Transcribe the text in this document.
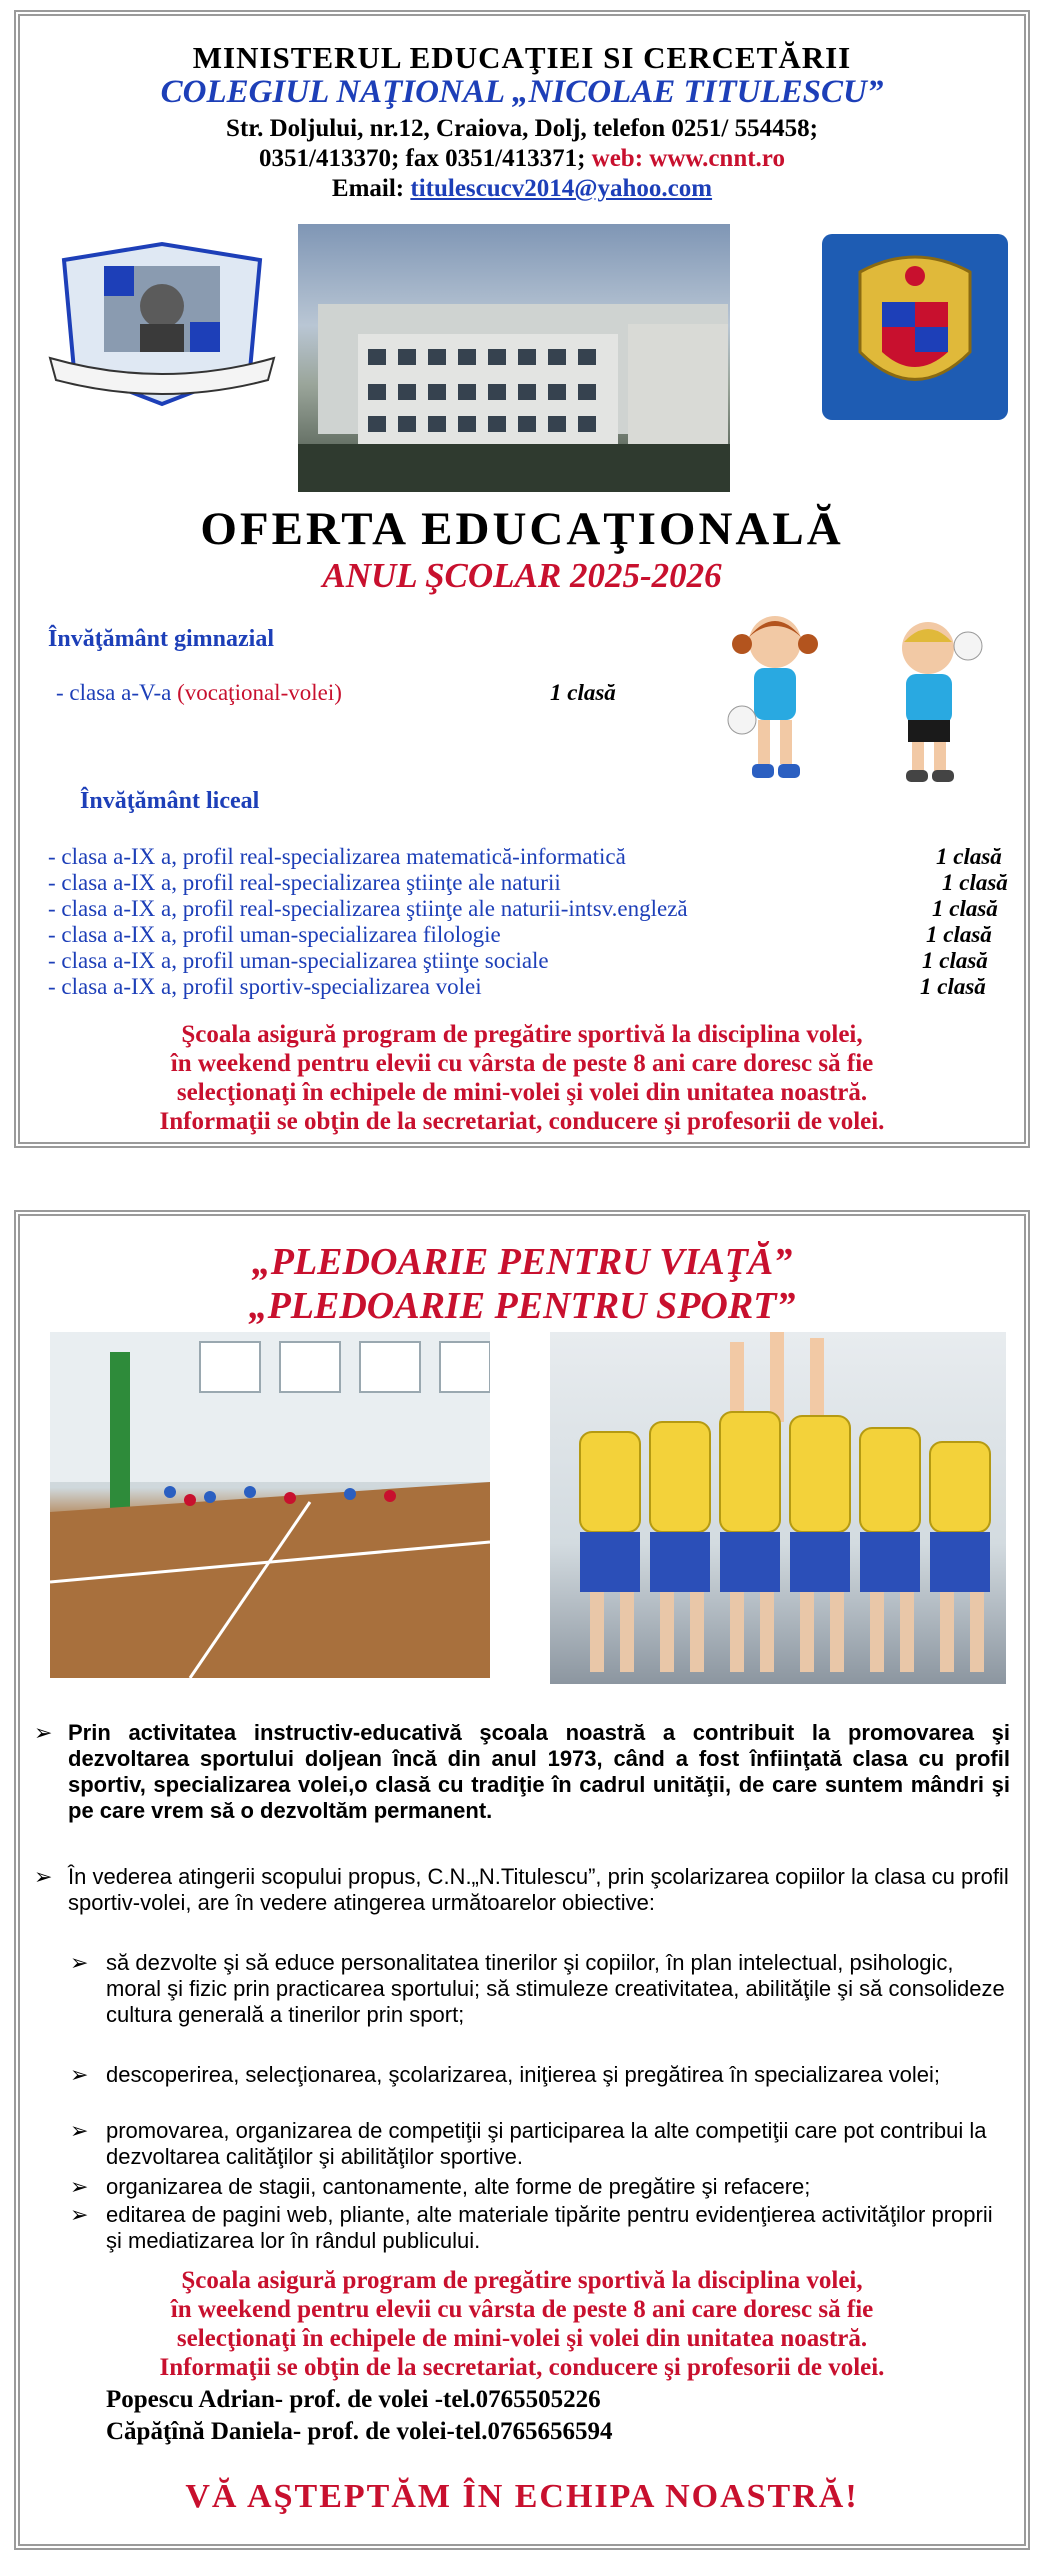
MINISTERUL EDUCAŢIEI SI CERCETĂRII
COLEGIUL NAŢIONAL „NICOLAE TITULESCU”
Str. Doljului, nr.12, Craiova, Dolj, telefon 0251/ 554458;
0351/413370; fax 0351/413371; web: www.cnnt.ro
Email: titulescucv2014@yahoo.com
OFERTA EDUCAŢIONALĂ
ANUL ŞCOLAR 2025-2026
Învăţământ gimnazial
- clasa a-V-a (vocaţional-volei)	1 clasă
Învăţământ liceal
- clasa a-IX a, profil real-specializarea matematică-informatică	1 clasă
- clasa a-IX a, profil real-specializarea ştiinţe ale naturii	1 clasă
- clasa a-IX a, profil real-specializarea ştiinţe ale naturii-intsv.engleză	1 clasă
- clasa a-IX a, profil uman-specializarea filologie	1 clasă
- clasa a-IX a, profil uman-specializarea ştiinţe sociale	1 clasă
- clasa a-IX a, profil sportiv-specializarea volei	1 clasă
Şcoala asigură program de pregătire sportivă la disciplina volei,
în weekend pentru elevii cu vârsta de peste 8 ani care doresc să fie
selecţionaţi în echipele de mini-volei şi volei din unitatea noastră.
Informaţii se obţin de la secretariat, conducere şi profesorii de volei.
„PLEDOARIE PENTRU VIAŢĂ”
„PLEDOARIE PENTRU SPORT”
➢ Prin activitatea instructiv-educativă şcoala noastră a contribuit la promovarea şi dezvoltarea sportului doljean încă din anul 1973, când a fost înfiinţată clasa cu profil sportiv, specializarea volei,o clasă cu tradiţie în cadrul unităţii, de care suntem mândri şi pe care vrem să o dezvoltăm permanent.
➢ În vederea atingerii scopului propus, C.N.„N.Titulescu”, prin şcolarizarea copiilor la clasa cu profil sportiv-volei, are în vedere atingerea următoarelor obiective:
➢ să dezvolte şi să educe personalitatea tinerilor şi copiilor, în plan intelectual, psihologic, moral şi fizic prin practicarea sportului; să stimuleze creativitatea, abilităţile şi să consolideze cultura generală a tinerilor prin sport;
➢ descoperirea, selecţionarea, şcolarizarea, iniţierea şi pregătirea în specializarea volei;
➢ promovarea, organizarea de competiţii şi participarea la alte competiţii care pot contribui la dezvoltarea calităţilor şi abilităţilor sportive.
➢ organizarea de stagii, cantonamente, alte forme de pregătire şi refacere;
➢ editarea de pagini web, pliante, alte materiale tipărite pentru evidenţierea activităţilor proprii şi mediatizarea lor în rândul publicului.
Şcoala asigură program de pregătire sportivă la disciplina volei,
în weekend pentru elevii cu vârsta de peste 8 ani care doresc să fie
selecţionaţi în echipele de mini-volei şi volei din unitatea noastră.
Informaţii se obţin de la secretariat, conducere şi profesorii de volei.
Popescu Adrian- prof. de volei -tel.0765505226
Căpăţînă Daniela- prof. de volei-tel.0765656594
VĂ AŞTEPTĂM ÎN ECHIPA NOASTRĂ!
